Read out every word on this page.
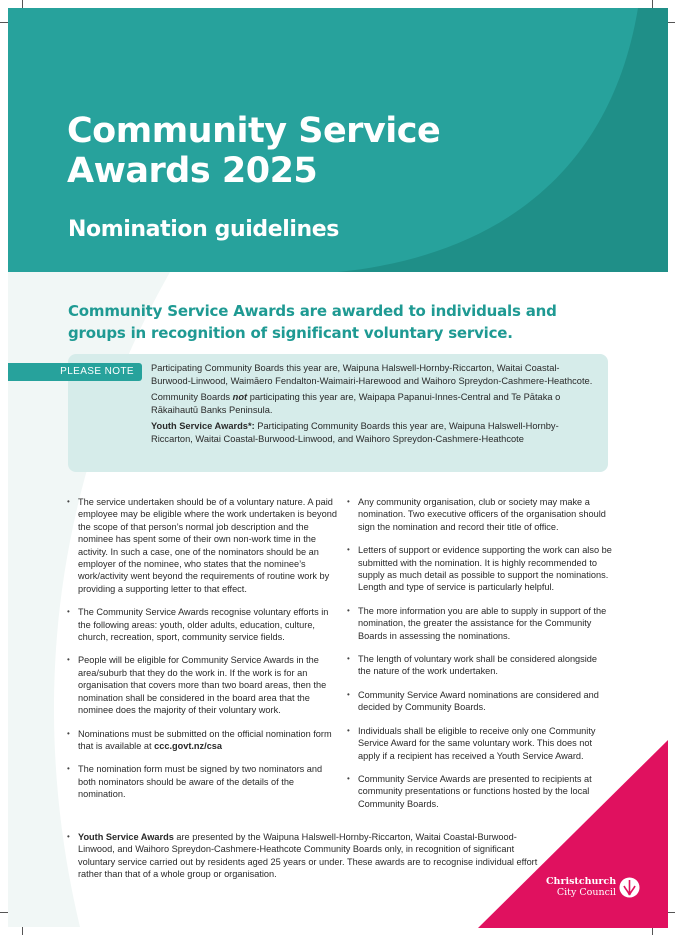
Community Service
Awards 2025
Nomination guidelines

Community Service Awards are awarded to individuals and
groups in recognition of significant voluntary service.

PLEASE NOTE	Participating Community Boards this year are, Waipuna Halswell-Hornby-Riccarton, Waitai Coastal-Burwood-Linwood, Waimāero Fendalton-Waimairi-Harewood and Waihoro Spreydon-Cashmere-Heathcote.

Community Boards not participating this year are, Waipapa Papanui-Innes-Central and Te Pātaka o Rākaihautū Banks Peninsula.

Youth Service Awards*: Participating Community Boards this year are, Waipuna Halswell-Hornby-Riccarton, Waitai Coastal-Burwood-Linwood, and Waihoro Spreydon-Cashmere-Heathcote

• The service undertaken should be of a voluntary nature. A paid employee may be eligible where the work undertaken is beyond the scope of that person’s normal job description and the nominee has spent some of their own non-work time in the activity. In such a case, one of the nominators should be an employer of the nominee, who states that the nominee’s work/activity went beyond the requirements of routine work by providing a supporting letter to that effect.
• The Community Service Awards recognise voluntary efforts in the following areas: youth, older adults, education, culture, church, recreation, sport, community service fields.
• People will be eligible for Community Service Awards in the area/suburb that they do the work in. If the work is for an organisation that covers more than two board areas, then the nomination shall be considered in the board area that the nominee does the majority of their voluntary work.
• Nominations must be submitted on the official nomination form that is available at ccc.govt.nz/csa
• The nomination form must be signed by two nominators and both nominators should be aware of the details of the nomination.
• Any community organisation, club or society may make a nomination. Two executive officers of the organisation should sign the nomination and record their title of office.
• Letters of support or evidence supporting the work can also be submitted with the nomination. It is highly recommended to supply as much detail as possible to support the nominations. Length and type of service is particularly helpful.
• The more information you are able to supply in support of the nomination, the greater the assistance for the Community Boards in assessing the nominations.
• The length of voluntary work shall be considered alongside the nature of the work undertaken.
• Community Service Award nominations are considered and decided by Community Boards.
• Individuals shall be eligible to receive only one Community Service Award for the same voluntary work. This does not apply if a recipient has received a Youth Service Award.
• Community Service Awards are presented to recipients at community presentations or functions hosted by the local Community Boards.
• Youth Service Awards are presented by the Waipuna Halswell-Hornby-Riccarton, Waitai Coastal-Burwood-Linwood, and Waihoro Spreydon-Cashmere-Heathcote Community Boards only, in recognition of significant voluntary service carried out by residents aged 25 years or under. These awards are to recognise individual effort rather than that of a whole group or organisation.
Christchurch
City Council
